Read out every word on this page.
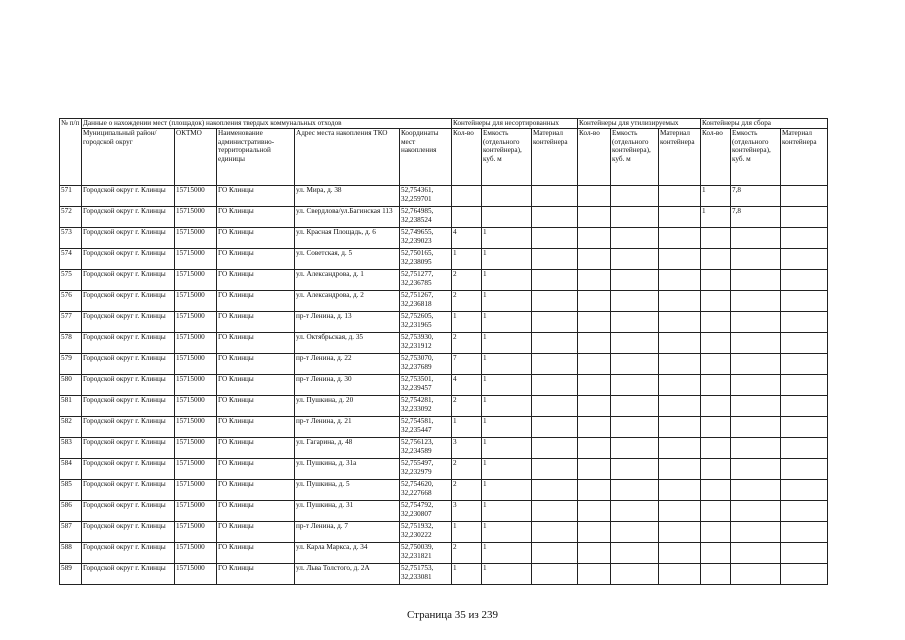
№ п/п	Данные о нахождении мест (площадок) накопления твердых коммунальных отходов					Контейнеры для несортированных			Контейнеры для утилизируемых			Контейнеры для сбора		
	Муниципальный район/городской округ	ОКТМО	Наименование административно-территориальной единицы	Адрес места накопления ТКО	Координаты мест накопления	Кол-во	Емкость (отдельного контейнера), куб. м	Материал контейнера	Кол-во	Емкость (отдельного контейнера), куб. м	Материал контейнера	Кол-во	Емкость (отдельного контейнера), куб. м	Материал контейнера
571	Городской округ г. Клинцы	15715000	ГО Клинцы	ул. Мира, д. 38	52,754361, 32,259701							1	7,8	
572	Городской округ г. Клинцы	15715000	ГО Клинцы	ул. Свердлова/ул.Багинская 113	52,764985, 32,238524							1	7,8	
573	Городской округ г. Клинцы	15715000	ГО Клинцы	ул. Красная Площадь, д. 6	52,749655, 32,239023	4	1							
574	Городской округ г. Клинцы	15715000	ГО Клинцы	ул. Советская, д. 5	52,750165, 32,238095	1	1							
575	Городской округ г. Клинцы	15715000	ГО Клинцы	ул. Александрова, д. 1	52,751277, 32,236785	2	1							
576	Городской округ г. Клинцы	15715000	ГО Клинцы	ул. Александрова, д. 2	52,751267, 32,236818	2	1							
577	Городской округ г. Клинцы	15715000	ГО Клинцы	пр-т Ленина, д. 13	52,752605, 32,231965	1	1							
578	Городской округ г. Клинцы	15715000	ГО Клинцы	ул. Октябрьская, д. 35	52,753930, 32,231912	2	1							
579	Городской округ г. Клинцы	15715000	ГО Клинцы	пр-т Ленина, д. 22	52,753070, 32,237689	7	1							
580	Городской округ г. Клинцы	15715000	ГО Клинцы	пр-т Ленина, д. 30	52,753501, 32,239457	4	1							
581	Городской округ г. Клинцы	15715000	ГО Клинцы	ул. Пушкина, д. 20	52,754281, 32,233092	2	1							
582	Городской округ г. Клинцы	15715000	ГО Клинцы	пр-т Ленина, д. 21	52,754581, 32,235447	1	1							
583	Городской округ г. Клинцы	15715000	ГО Клинцы	ул. Гагарина, д. 48	52,756123, 32,234589	3	1							
584	Городской округ г. Клинцы	15715000	ГО Клинцы	ул. Пушкина, д. 31а	52,755497, 32,232979	2	1							
585	Городской округ г. Клинцы	15715000	ГО Клинцы	ул. Пушкина, д. 5	52,754620, 32,227668	2	1							
586	Городской округ г. Клинцы	15715000	ГО Клинцы	ул. Пушкина, д. 31	52,754792, 32,230807	3	1							
587	Городской округ г. Клинцы	15715000	ГО Клинцы	пр-т Ленина, д. 7	52,751932, 32,230222	1	1							
588	Городской округ г. Клинцы	15715000	ГО Клинцы	ул. Карла Маркса, д. 34	52,750039, 32,231821	2	1							
589	Городской округ г. Клинцы	15715000	ГО Клинцы	ул. Льва Толстого, д. 2А	52,751753, 32,233081	1	1							
Страница 35 из 239
